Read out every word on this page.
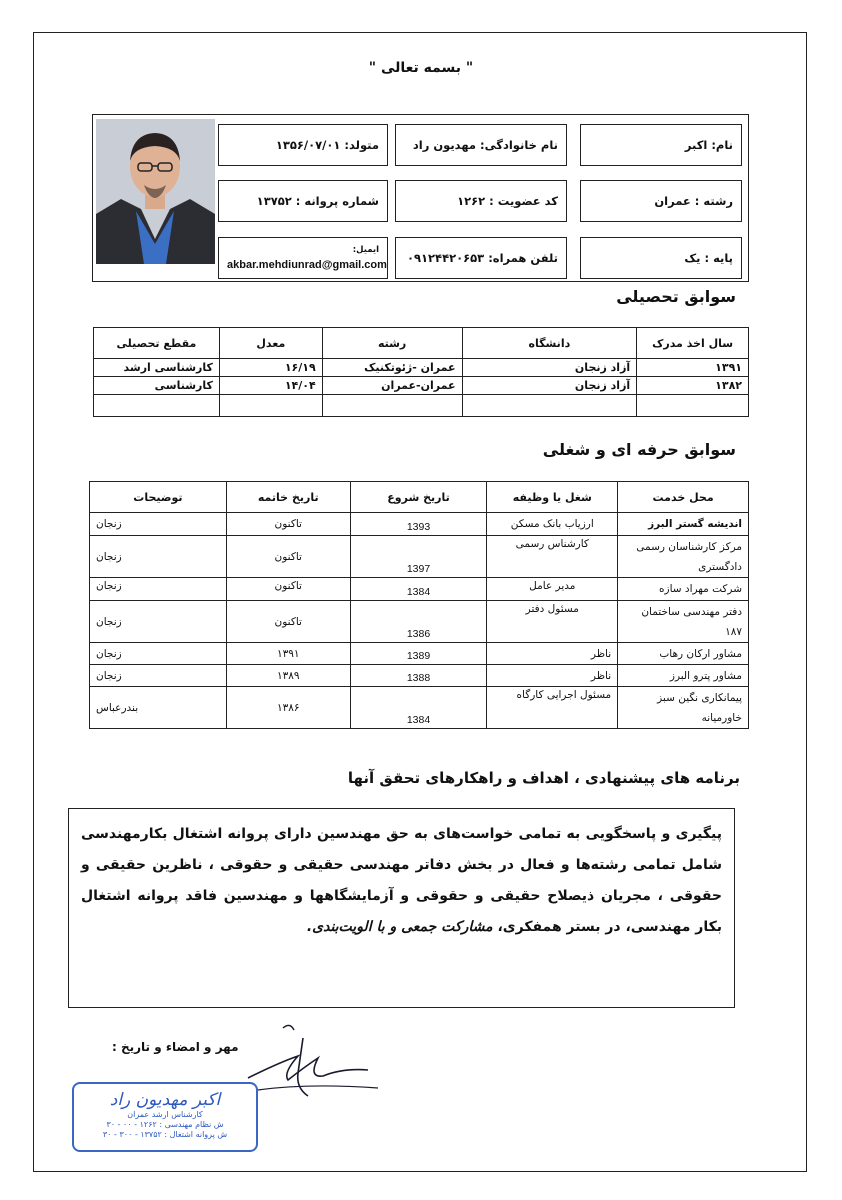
" بسمه تعالی "
نام:
اکبر
نام خانوادگی:
مهدیون راد
متولد:
۱۳۵۶/۰۷/۰۱
رشته :
عمران
کد عضویت :
۱۲۶۲
شماره پروانه :
۱۳۷۵۲
پایه :
یک
تلفن همراه:
۰۹۱۲۴۴۲۰۶۵۳
ایمیل:
akbar.mehdiunrad@gmail.com
سوابق تحصیلی
سال اخذ مدرک	دانشگاه	رشته	معدل	مقطع تحصیلی
۱۳۹۱	آزاد زنجان	عمران -ژئوتکنیک	۱۶/۱۹	کارشناسی ارشد
۱۳۸۲	آزاد زنجان	عمران-عمران	۱۴/۰۴	کارشناسی

سوابق حرفه ای و شغلی
محل خدمت	شغل یا وظیفه	تاریخ شروع	تاریخ خاتمه	توضیحات
اندیشه گستر البرز	ارزیاب بانک مسکن	1393	تاکنون	زنجان
مرکز کارشناسان رسمی دادگستری	کارشناس رسمی	1397	تاکنون	زنجان
شرکت مهراد سازه	مدیر عامل	1384	تاکنون	زنجان
دفتر مهندسی ساختمان ۱۸۷	مسئول دفتر	1386	تاکنون	زنجان
مشاور ارکان رهاب	ناظر	1389	۱۳۹۱	زنجان
مشاور پترو البرز	ناظر	1388	۱۳۸۹	زنجان
پیمانکاری نگین سبز خاورمیانه	مسئول اجرایی کارگاه	1384	۱۳۸۶	بندرعباس
برنامه های پیشنهادی ، اهداف و راهکارهای تحقق آنها
پیگیری و پاسخگویی به تمامی خواست‌های به حق مهندسین دارای پروانه اشتغال بکارمهندسی شامل تمامی رشته‌ها و فعال در بخش دفاتر مهندسی حقیقی و حقوقی ، ناظرین حقیقی و حقوقی ، مجریان ذیصلاح حقیقی و حقوقی و آزمایشگاهها و مهندسین فاقد پروانه اشتغال بکار مهندسی، در بستر همفکری، مشارکت جمعی و با الویت‌بندی.
مهر و امضاء و تاریخ :
اکبر مهدیون راد
کارشناس ارشد عمران
ش نظام مهندسی : ۱۲۶۲ - ۰۰ - ۳۰
ش پروانه اشتغال : ۱۳۷۵۲ - ۳۰۰ - ۳۰
